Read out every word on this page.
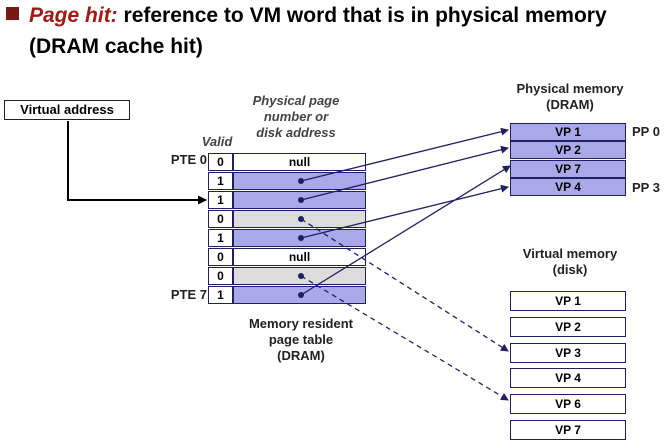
Page hit: reference to VM word that is in physical memory
(DRAM cache hit)
Virtual address
Physical page
number or
disk address
Valid
PTE 0
PTE 7
0	null
1
1
0
1
0	null
0
1
Memory resident
page table
(DRAM)
Physical memory
(DRAM)
VP 1
VP 2
VP 7
VP 4
PP 0
PP 3
Virtual memory
(disk)
VP 1
VP 2
VP 3
VP 4
VP 6
VP 7
